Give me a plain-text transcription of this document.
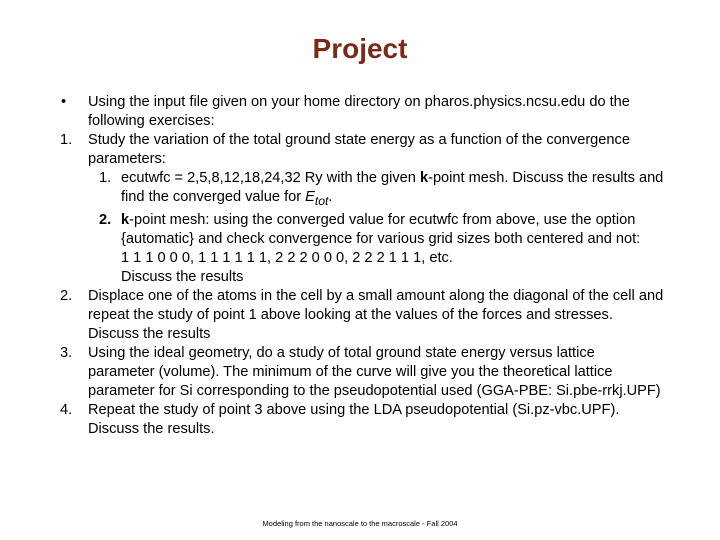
Project
• Using the input file given on your home directory on pharos.physics.ncsu.edu do the following exercises:
1. Study the variation of the total ground state energy as a function of the convergence parameters:
1. ecutwfc = 2,5,8,12,18,24,32 Ry with the given k-point mesh. Discuss the results and find the converged value for $E_{tot}$.
2. k-point mesh: using the converged value for ecutwfc from above, use the option {automatic} and check convergence for various grid sizes both centered and not:
1 1 1 0 0 0, 1 1 1 1 1 1, 2 2 2 0 0 0, 2 2 2 1 1 1, etc.
Discuss the results
2. Displace one of the atoms in the cell by a small amount along the diagonal of the cell and repeat the study of point 1 above looking at the values of the forces and stresses. Discuss the results
3. Using the ideal geometry, do a study of total ground state energy versus lattice parameter (volume). The minimum of the curve will give you the theoretical lattice parameter for Si corresponding to the pseudopotential used (GGA-PBE: Si.pbe-rrkj.UPF)
4. Repeat the study of point 3 above using the LDA pseudopotential (Si.pz-vbc.UPF). Discuss the results.
Modeling from the nanoscale to the macroscale - Fall 2004
